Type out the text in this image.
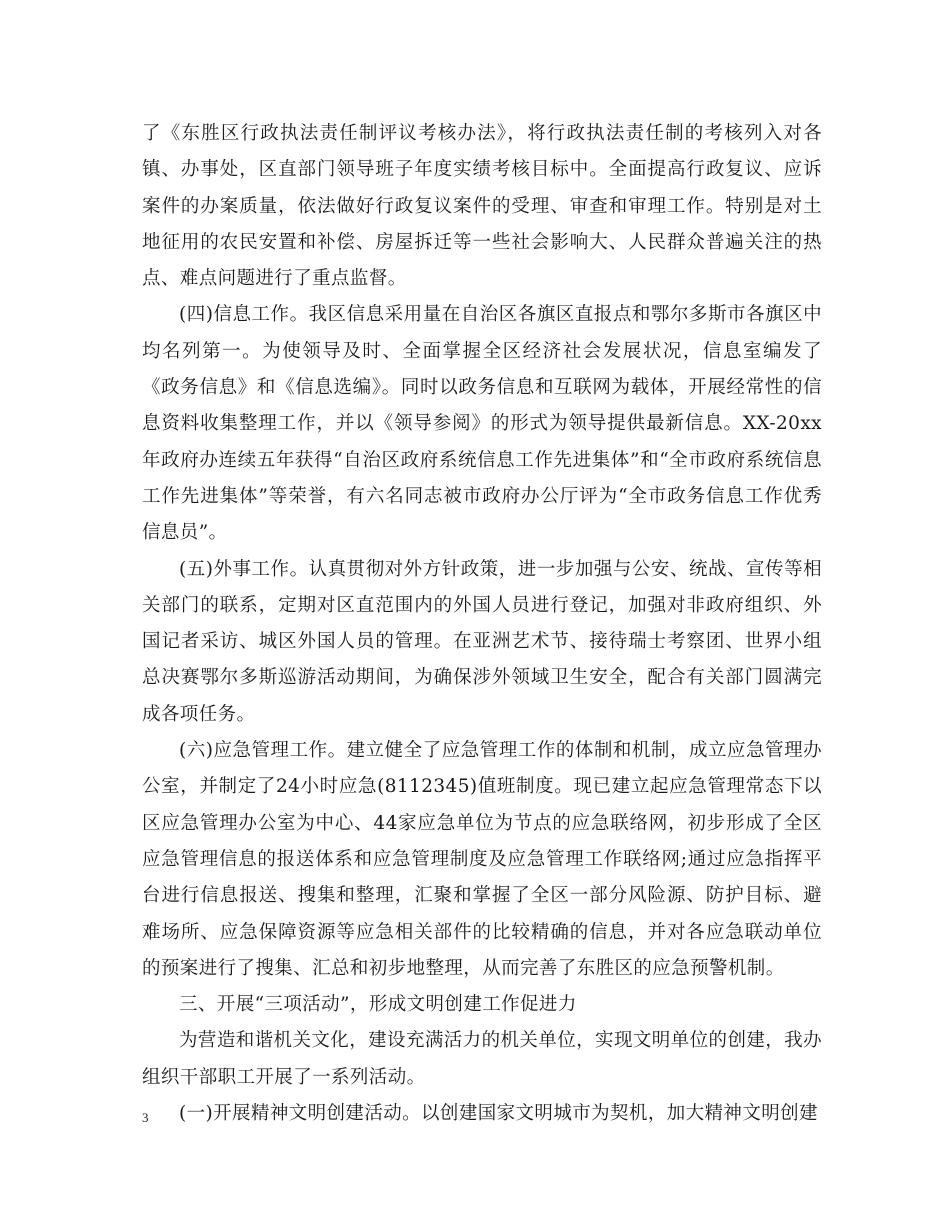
了《东胜区行政执法责任制评议考核办法》，将行政执法责任制的考核列入对各镇、办事处，区直部门领导班子年度实绩考核目标中。全面提高行政复议、应诉案件的办案质量，依法做好行政复议案件的受理、审查和审理工作。特别是对土地征用的农民安置和补偿、房屋拆迁等一些社会影响大、人民群众普遍关注的热点、难点问题进行了重点监督。

(四)信息工作。我区信息采用量在自治区各旗区直报点和鄂尔多斯市各旗区中均名列第一。为使领导及时、全面掌握全区经济社会发展状况，信息室编发了《政务信息》和《信息选编》。同时以政务信息和互联网为载体，开展经常性的信息资料收集整理工作，并以《领导参阅》的形式为领导提供最新信息。XX-20xx年政府办连续五年获得“自治区政府系统信息工作先进集体”和“全市政府系统信息工作先进集体”等荣誉，有六名同志被市政府办公厅评为“全市政务信息工作优秀信息员”。

(五)外事工作。认真贯彻对外方针政策，进一步加强与公安、统战、宣传等相关部门的联系，定期对区直范围内的外国人员进行登记，加强对非政府组织、外国记者采访、城区外国人员的管理。在亚洲艺术节、接待瑞士考察团、世界小组总决赛鄂尔多斯巡游活动期间，为确保涉外领域卫生安全，配合有关部门圆满完成各项任务。

(六)应急管理工作。建立健全了应急管理工作的体制和机制，成立应急管理办公室，并制定了24小时应急(8112345)值班制度。现已建立起应急管理常态下以区应急管理办公室为中心、44家应急单位为节点的应急联络网，初步形成了全区应急管理信息的报送体系和应急管理制度及应急管理工作联络网;通过应急指挥平台进行信息报送、搜集和整理，汇聚和掌握了全区一部分风险源、防护目标、避难场所、应急保障资源等应急相关部件的比较精确的信息，并对各应急联动单位的预案进行了搜集、汇总和初步地整理，从而完善了东胜区的应急预警机制。

三、开展“三项活动”，形成文明创建工作促进力

为营造和谐机关文化，建设充满活力的机关单位，实现文明单位的创建，我办组织干部职工开展了一系列活动。

(一)开展精神文明创建活动。以创建国家文明城市为契机，加大精神文明创建

3
